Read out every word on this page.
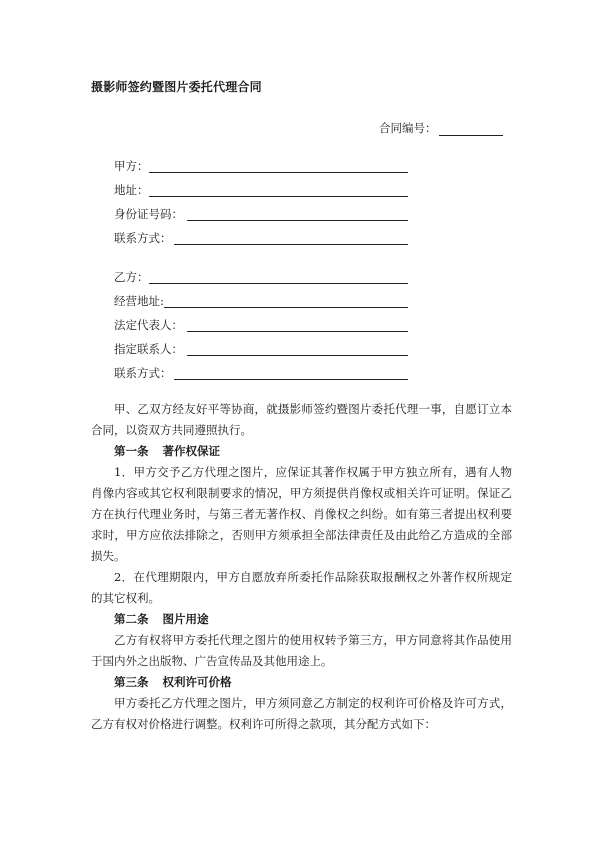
摄影师签约暨图片委托代理合同
合同编号：
甲方：
地址：
身份证号码：
联系方式：
乙方：
经营地址:
法定代表人：
指定联系人：
联系方式：

甲、乙双方经友好平等协商，就摄影师签约暨图片委托代理一事，自愿订立本合同，以资双方共同遵照执行。

第一条 著作权保证

1．甲方交予乙方代理之图片，应保证其著作权属于甲方独立所有，遇有人物肖像内容或其它权利限制要求的情况，甲方须提供肖像权或相关许可证明。保证乙方在执行代理业务时，与第三者无著作权、肖像权之纠纷。如有第三者提出权利要求时，甲方应依法排除之，否则甲方须承担全部法律责任及由此给乙方造成的全部损失。

2．在代理期限内，甲方自愿放弃所委托作品除获取报酬权之外著作权所规定的其它权利。

第二条 图片用途

乙方有权将甲方委托代理之图片的使用权转予第三方，甲方同意将其作品使用于国内外之出版物、广告宣传品及其他用途上。

第三条 权利许可价格

甲方委托乙方代理之图片，甲方须同意乙方制定的权利许可价格及许可方式，乙方有权对价格进行调整。权利许可所得之款项，其分配方式如下：
